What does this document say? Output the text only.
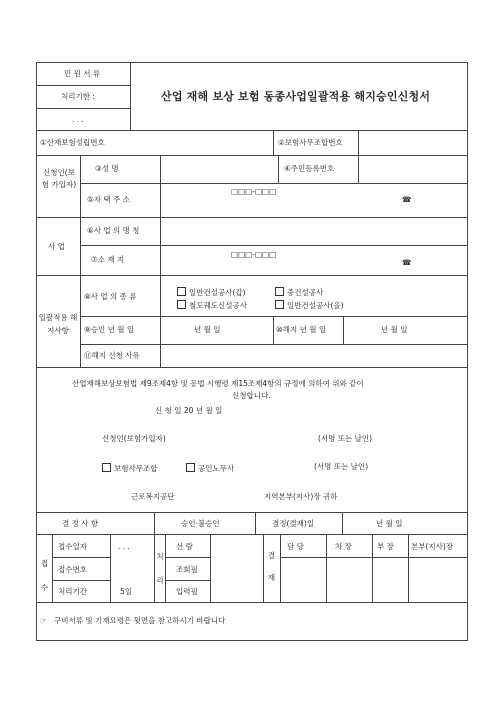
민 원 서 류
처리기한 :
. . .
산업 재해 보상 보험 동종사업일괄적용 해지승인신청서
①산재보험성립번호	②보험사무조합번호
신청인(보 험 가입자)
③성 명	④주민등록번호
⑤자 택 주 소
□□□-□□□
☎
사 업
⑥사 업 의 명 칭
⑦소 재 지
□□□-□□□
☎
일괄적용 해지사항
⑧사 업 의 종 류	일반건설공사(갑)	중건설공사
철도궤도신설공사	일반건설공사(을)
⑨승인 년 월 일	년 월 일	⑩해지 년 월 일	년 월 일
⑪해지 신청 사유
산업재해보상보험법 제9조제4항 및 동법 시행령 제15조제4항의 규정에 의하여 위와 같이
신청합니다.
신 청 일 20 년 월 일
신청인(보험가입자)	(서명 또는 날인)
보험사무조합	공인노무사	(서명 또는 날인)
근로복지공단	지역본부(지사)장 귀하
결 정 사 항	승인·불승인	결정(결재)일	년 월 일
접 수
접수일자	. . .
접수번호
처리기간	5일
처 리
선 람
조회필
입력필
결 재
담 당	차 장	부 장 본부(지사)장
☞ 구비서류 및 기재요령은 뒷면을 참고하시기 바랍니다
